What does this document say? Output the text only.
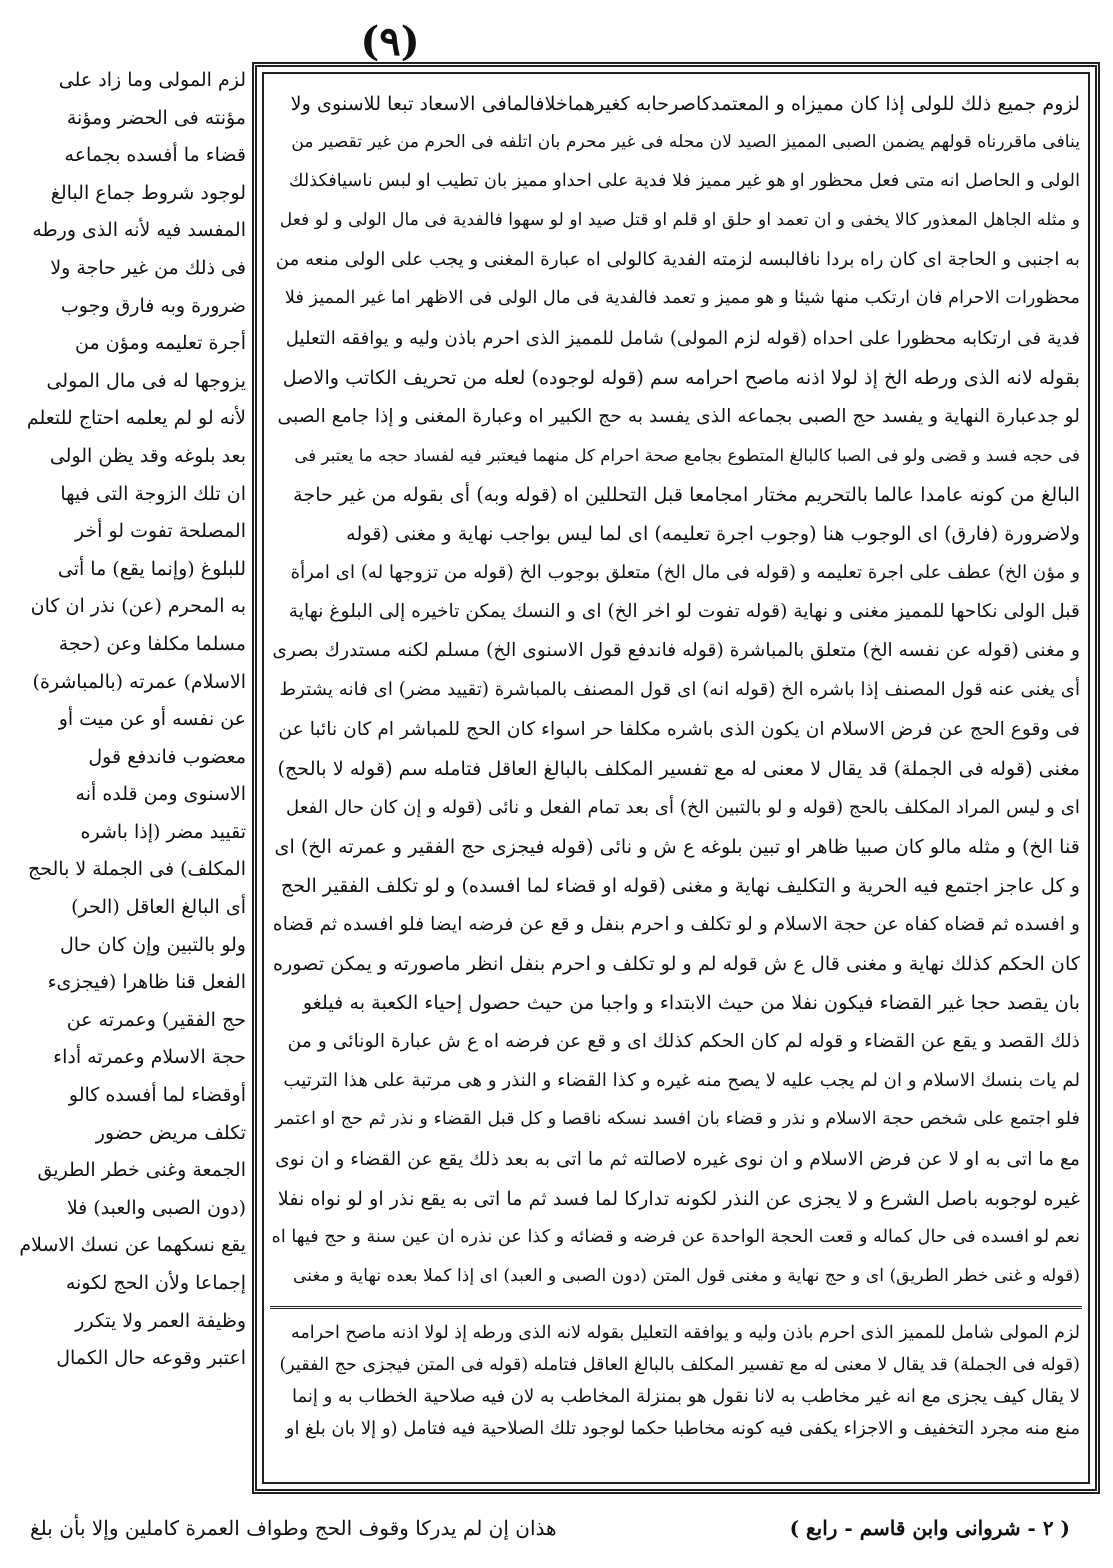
(٩)

لزوم جميع ذلك للولى إذا كان مميزاه و المعتمدكاصرحابه كغيرهماخلافالمافى الاسعاد تبعا للاسنوى ولا

ينافى ماقررناه قولهم يضمن الصبى المميز الصيد لان محله فى غير محرم بان اتلفه فى الحرم من غير تقصير من

الولى و الحاصل انه متى فعل محظور او هو غير مميز فلا فدية على احداو مميز بان تطيب او لبس ناسيافكذلك

و مثله الجاهل المعذور كالا يخفى و ان تعمد او حلق او قلم او قتل صيد او لو سهوا فالفدية فى مال الولى و لو فعل

به اجنبى و الحاجة اى كان راه بردا نافالبسه لزمته الفدية كالولى اه عبارة المغنى و يجب على الولى منعه من

محظورات الاحرام فان ارتكب منها شيئا و هو مميز و تعمد فالفدية فى مال الولى فى الاظهر اما غير المميز فلا

فدية فى ارتكابه محظورا على احداه (قوله لزم المولى) شامل للمميز الذى احرم باذن وليه و يوافقه التعليل

بقوله لانه الذى ورطه الخ إذ لولا اذنه ماصح احرامه سم (قوله لوجوده) لعله من تحريف الكاتب والاصل

لو جدعبارة النهاية و يفسد حج الصبى بجماعه الذى يفسد به حج الكبير اه وعبارة المغنى و إذا جامع الصبى

فى حجه فسد و قضى ولو فى الصبا كالبالغ المتطوع بجامع صحة احرام كل منهما فيعتبر فيه لفساد حجه ما يعتبر فى

البالغ من كونه عامدا عالما بالتحريم مختار امجامعا قبل التحللين اه (قوله وبه) أى بقوله من غير حاجة

ولاضرورة (فارق) اى الوجوب هنا (وجوب اجرة تعليمه) اى لما ليس بواجب نهاية و مغنى (قوله

و مؤن الخ) عطف على اجرة تعليمه و (قوله فى مال الخ) متعلق بوجوب الخ (قوله من تزوجها له) اى امرأة

قبل الولى نكاحها للمميز مغنى و نهاية (قوله تفوت لو اخر الخ) اى و النسك يمكن تاخيره إلى البلوغ نهاية

و مغنى (قوله عن نفسه الخ) متعلق بالمباشرة (قوله فاندفع قول الاسنوى الخ) مسلم لكنه مستدرك بصرى

أى يغنى عنه قول المصنف إذا باشره الخ (قوله انه) اى قول المصنف بالمباشرة (تقييد مضر) اى فانه يشترط

فى وقوع الحج عن فرض الاسلام ان يكون الذى باشره مكلفا حر اسواء كان الحج للمباشر ام كان نائبا عن

مغنى (قوله فى الجملة) قد يقال لا معنى له مع تفسير المكلف بالبالغ العاقل فتامله سم (قوله لا بالحج)

اى و ليس المراد المكلف بالحج (قوله و لو بالتبين الخ) أى بعد تمام الفعل و نائى (قوله و إن كان حال الفعل

قنا الخ) و مثله مالو كان صبيا ظاهر او تبين بلوغه ع ش و نائى (قوله فيجزى حج الفقير و عمرته الخ) اى

و كل عاجز اجتمع فيه الحرية و التكليف نهاية و مغنى (قوله او قضاء لما افسده) و لو تكلف الفقير الحج

و افسده ثم قضاه كفاه عن حجة الاسلام و لو تكلف و احرم بنفل و قع عن فرضه ايضا فلو افسده ثم قضاه

كان الحكم كذلك نهاية و مغنى قال ع ش قوله لم و لو تكلف و احرم بنفل انظر ماصورته و يمكن تصوره

بان يقصد حجا غير القضاء فيكون نفلا من حيث الابتداء و واجبا من حيث حصول إحياء الكعبة به فيلغو

ذلك القصد و يقع عن القضاء و قوله لم كان الحكم كذلك اى و قع عن فرضه اه ع ش عبارة الونائى و من

لم يات بنسك الاسلام و ان لم يجب عليه لا يصح منه غيره و كذا القضاء و النذر و هى مرتبة على هذا الترتيب

فلو اجتمع على شخص حجة الاسلام و نذر و قضاء بان افسد نسكه ناقصا و كل قبل القضاء و نذر ثم حج او اعتمر

مع ما اتى به او لا عن فرض الاسلام و ان نوى غيره لاصالته ثم ما اتى به بعد ذلك يقع عن القضاء و ان نوى

غيره لوجوبه باصل الشرع و لا يجزى عن النذر لكونه تداركا لما فسد ثم ما اتى به يقع نذر او لو نواه نفلا

نعم لو افسده فى حال كماله و قعت الحجة الواحدة عن فرضه و قضائه و كذا عن نذره ان عين سنة و حج فيها اه

(قوله و غنى خطر الطريق) اى و حج نهاية و مغنى قول المتن (دون الصبى و العبد) اى إذا كملا بعده نهاية و مغنى

لزم المولى شامل للمميز الذى احرم باذن وليه و يوافقه التعليل بقوله لانه الذى ورطه إذ لولا اذنه ماصح احرامه

(قوله فى الجملة) قد يقال لا معنى له مع تفسير المكلف بالبالغ العاقل فتامله (قوله فى المتن فيجزى حج الفقير)

لا يقال كيف يجزى مع انه غير مخاطب به لانا نقول هو بمنزلة المخاطب به لان فيه صلاحية الخطاب به و إنما

منع منه مجرد التخفيف و الاجزاء يكفى فيه كونه مخاطبا حكما لوجود تلك الصلاحية فيه فتامل (و إلا بان بلغ او

لزم المولى وما زاد على

مؤنته فى الحضر ومؤنة

قضاء ما أفسده بجماعه

لوجود شروط جماع البالغ

المفسد فيه لأنه الذى ورطه

فى ذلك من غير حاجة ولا

ضرورة وبه فارق وجوب

أجرة تعليمه ومؤن من

يزوجها له فى مال المولى

لأنه لو لم يعلمه احتاج للتعلم

بعد بلوغه وقد يظن الولى

ان تلك الزوجة التى فيها

المصلحة تفوت لو أخر

للبلوغ (وإنما يقع) ما أتى

به المحرم (عن) نذر ان كان

مسلما مكلفا وعن (حجة

الاسلام) عمرته (بالمباشرة)

عن نفسه أو عن ميت أو

معضوب فاندفع قول

الاسنوى ومن قلده أنه

تقييد مضر (إذا باشره

المكلف) فى الجملة لا بالحج

أى البالغ العاقل (الحر)

ولو بالتبين وإن كان حال

الفعل قنا ظاهرا (فيجزىء

حج الفقير) وعمرته عن

حجة الاسلام وعمرته أداء

أوقضاء لما أفسده كالو

تكلف مريض حضور

الجمعة وغنى خطر الطريق

(دون الصبى والعبد) فلا

يقع نسكهما عن نسك الاسلام

إجماعا ولأن الحج لكونه

وظيفة العمر ولا يتكرر

اعتبر وقوعه حال الكمال

( ٢ - شروانى وابن قاسم - رابع )
هذان إن لم يدركا وقوف الحج وطواف العمرة كاملين وإلا بأن بلغ
